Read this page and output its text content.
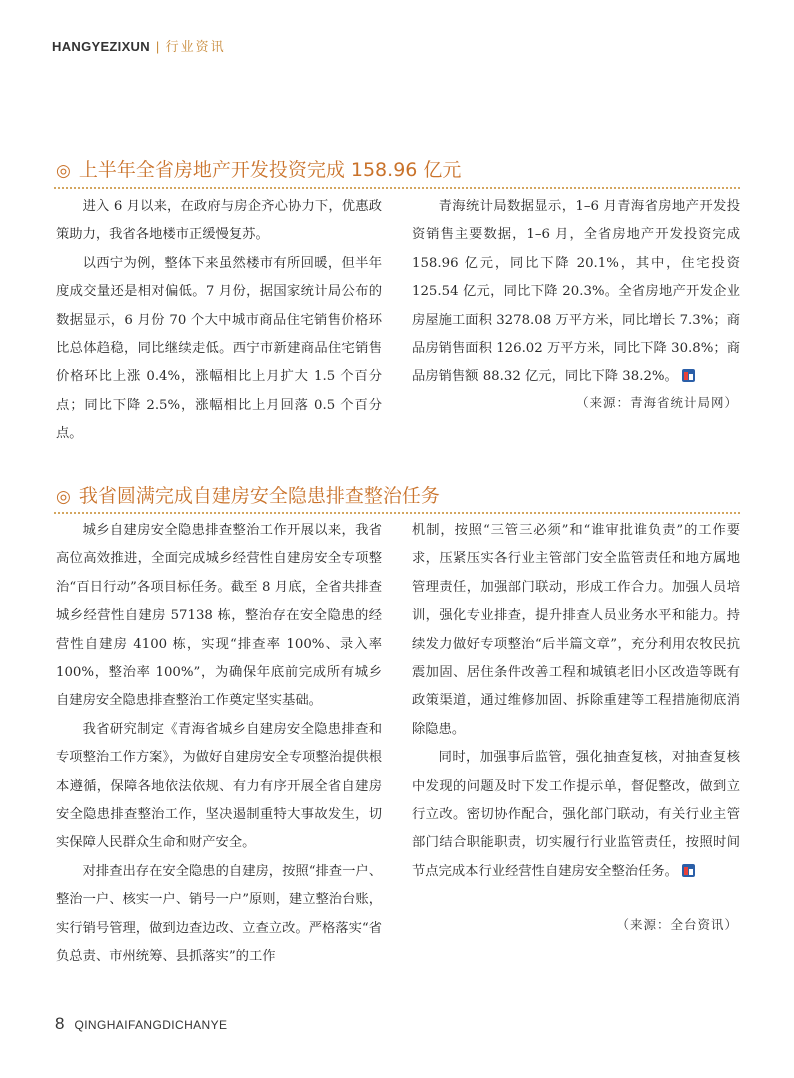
HANGYEZIXUN | 行业资讯
◎ 上半年全省房地产开发投资完成 158.96 亿元

进入 6 月以来，在政府与房企齐心协力下，优惠政策助力，我省各地楼市正缓慢复苏。

以西宁为例，整体下来虽然楼市有所回暖，但半年度成交量还是相对偏低。7 月份，据国家统计局公布的数据显示，6 月份 70 个大中城市商品住宅销售价格环比总体趋稳，同比继续走低。西宁市新建商品住宅销售价格环比上涨 0.4%，涨幅相比上月扩大 1.5 个百分点；同比下降 2.5%，涨幅相比上月回落 0.5 个百分点。

青海统计局数据显示，1–6 月青海省房地产开发投资销售主要数据，1–6 月，全省房地产开发投资完成 158.96 亿元，同比下降 20.1%，其中，住宅投资 125.54 亿元，同比下降 20.3%。全省房地产开发企业房屋施工面积 3278.08 万平方米，同比增长 7.3%；商品房销售面积 126.02 万平方米，同比下降 30.8%；商品房销售额 88.32 亿元，同比下降 38.2%。

（来源：青海省统计局网）
◎ 我省圆满完成自建房安全隐患排查整治任务

城乡自建房安全隐患排查整治工作开展以来，我省高位高效推进，全面完成城乡经营性自建房安全专项整治“百日行动”各项目标任务。截至 8 月底，全省共排查城乡经营性自建房 57138 栋，整治存在安全隐患的经营性自建房 4100 栋，实现“排查率 100%、录入率 100%，整治率 100%”，为确保年底前完成所有城乡自建房安全隐患排查整治工作奠定坚实基础。

我省研究制定《青海省城乡自建房安全隐患排查和专项整治工作方案》，为做好自建房安全专项整治提供根本遵循，保障各地依法依规、有力有序开展全省自建房安全隐患排查整治工作，坚决遏制重特大事故发生，切实保障人民群众生命和财产安全。

对排查出存在安全隐患的自建房，按照“排查一户、整治一户、核实一户、销号一户”原则，建立整治台账，实行销号管理，做到边查边改、立查立改。严格落实“省负总责、市州统筹、县抓落实”的工作

机制，按照“三管三必须”和“谁审批谁负责”的工作要求，压紧压实各行业主管部门安全监管责任和地方属地管理责任，加强部门联动，形成工作合力。加强人员培训，强化专业排查，提升排查人员业务水平和能力。持续发力做好专项整治“后半篇文章”，充分利用农牧民抗震加固、居住条件改善工程和城镇老旧小区改造等既有政策渠道，通过维修加固、拆除重建等工程措施彻底消除隐患。

同时，加强事后监管，强化抽查复核，对抽查复核中发现的问题及时下发工作提示单，督促整改，做到立行立改。密切协作配合，强化部门联动，有关行业主管部门结合职能职责，切实履行行业监管责任，按照时间节点完成本行业经营性自建房安全整治任务。

（来源：全台资讯）
8 QINGHAIFANGDICHANYE
